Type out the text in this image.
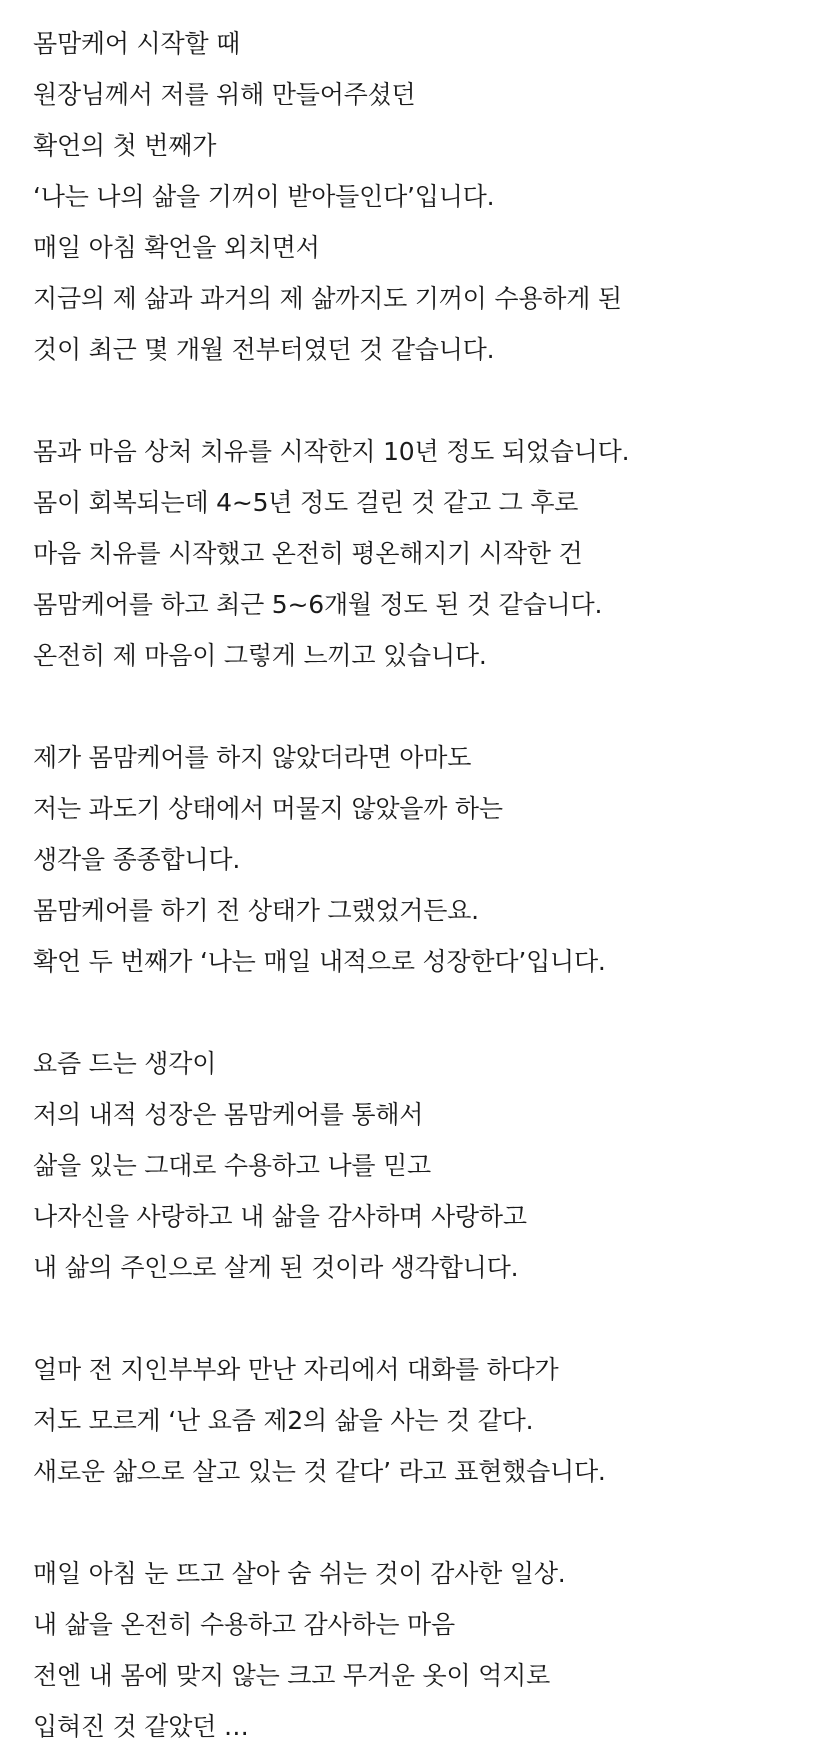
몸맘케어 시작할 때
원장님께서 저를 위해 만들어주셨던
확언의 첫 번째가
‘나는 나의 삶을 기꺼이 받아들인다’입니다.
매일 아침 확언을 외치면서
지금의 제 삶과 과거의 제 삶까지도 기꺼이 수용하게 된
것이 최근 몇 개월 전부터였던 것 같습니다.
몸과 마음 상처 치유를 시작한지 10년 정도 되었습니다.
몸이 회복되는데 4~5년 정도 걸린 것 같고 그 후로
마음 치유를 시작했고 온전히 평온해지기 시작한 건
몸맘케어를 하고 최근 5~6개월 정도 된 것 같습니다.
온전히 제 마음이 그렇게 느끼고 있습니다.
제가 몸맘케어를 하지 않았더라면 아마도
저는 과도기 상태에서 머물지 않았을까 하는
생각을 종종합니다.
몸맘케어를 하기 전 상태가 그랬었거든요.
확언 두 번째가 ‘나는 매일 내적으로 성장한다’입니다.
요즘 드는 생각이
저의 내적 성장은 몸맘케어를 통해서
삶을 있는 그대로 수용하고 나를 믿고
나자신을 사랑하고 내 삶을 감사하며 사랑하고
내 삶의 주인으로 살게 된 것이라 생각합니다.
얼마 전 지인부부와 만난 자리에서 대화를 하다가
저도 모르게 ‘난 요즘 제2의 삶을 사는 것 같다.
새로운 삶으로 살고 있는 것 같다’ 라고 표현했습니다.
매일 아침 눈 뜨고 살아 숨 쉬는 것이 감사한 일상.
내 삶을 온전히 수용하고 감사하는 마음
전엔 내 몸에 맞지 않는 크고 무거운 옷이 억지로
입혀진 것 같았던 …
